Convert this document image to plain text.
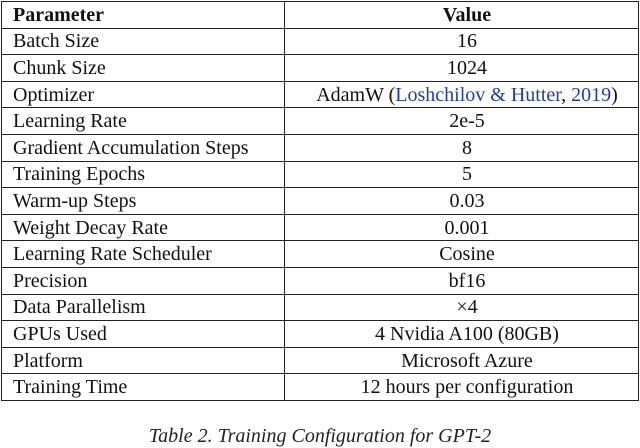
Parameter	Value
Batch Size	16
Chunk Size	1024
Optimizer	AdamW (Loshchilov & Hutter, 2019)
Learning Rate	2e-5
Gradient Accumulation Steps	8
Training Epochs	5
Warm-up Steps	0.03
Weight Decay Rate	0.001
Learning Rate Scheduler	Cosine
Precision	bf16
Data Parallelism	×4
GPUs Used	4 Nvidia A100 (80GB)
Platform	Microsoft Azure
Training Time	12 hours per configuration
Table 2. Training Configuration for GPT-2
